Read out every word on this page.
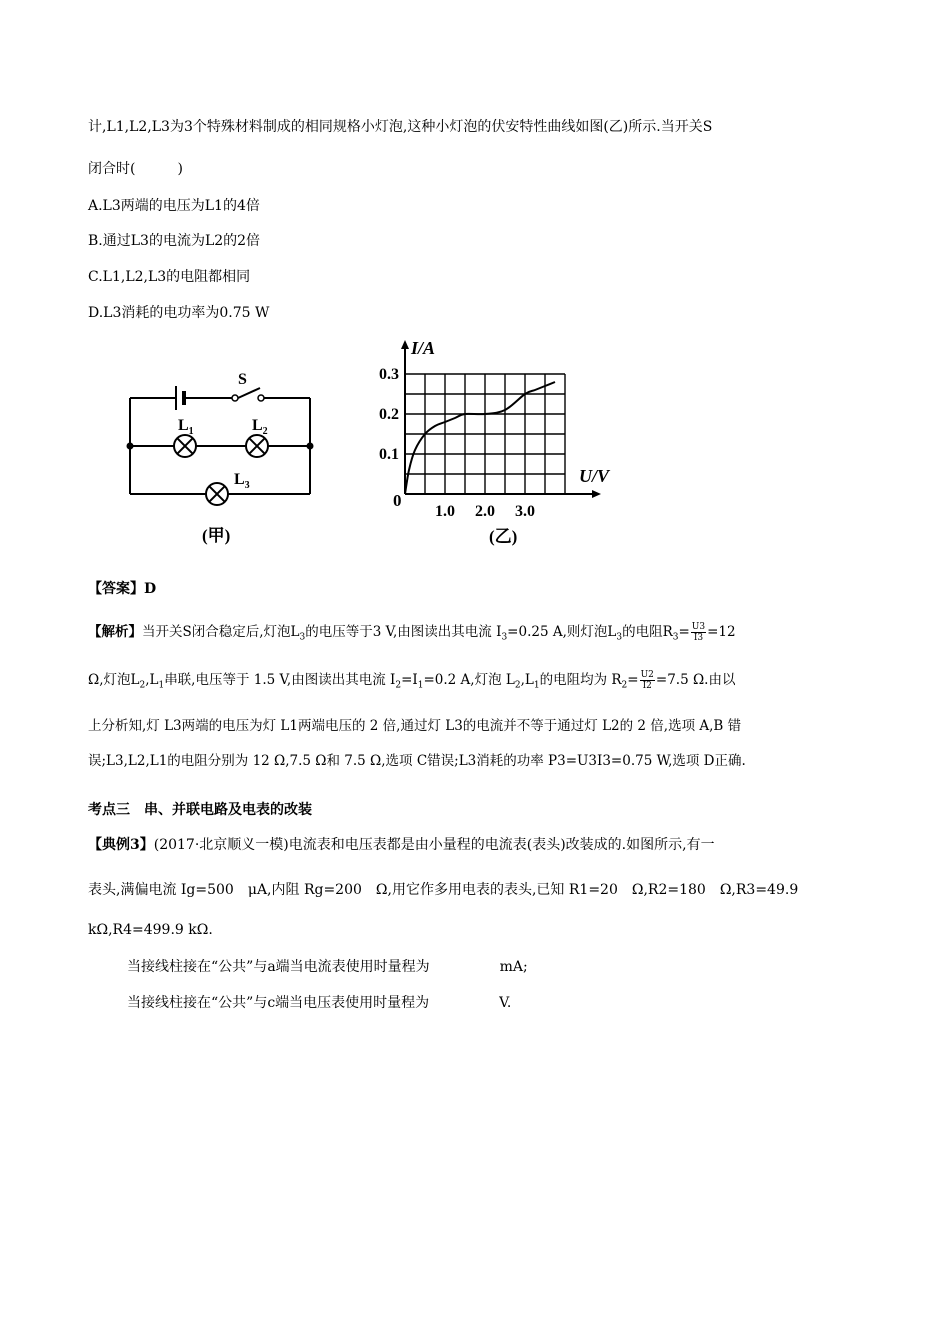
计,L1,L2,L3为3个特殊材料制成的相同规格小灯泡,这种小灯泡的伏安特性曲线如图(乙)所示.当开关S
闭合时(　　　)
A.L3两端的电压为L1的4倍
B.通过L3的电流为L2的2倍
C.L1,L2,L3的电阻都相同
D.L3消耗的电功率为0.75 W
S
$L_1$	$L_2$
$L_3$
(甲)
1.0 2.0 3.0
0.1
0.2
0.3
I/A
U/V
0
(乙)
【答案】D
【解析】当开关S闭合稳定后,灯泡$L_3$的电压等于3 V,由图读出其电流 $I_3=0.25$ A,则灯泡$L_3$的电阻$R_3= \frac{U3}{I3} =12$
Ω,灯泡$L_2,L_1$串联,电压等于 1.5 V,由图读出其电流 $I_2=I_1=0.2$ A,灯泡 $L_2,L_1$的电阻均为 $R_2= \frac{U2}{I2} =7.5$ Ω.由以
上分析知,灯 L3两端的电压为灯 L1两端电压的 2 倍,通过灯 L3的电流并不等于通过灯 L2的 2 倍,选项 A,B 错
误;L3,L2,L1的电阻分别为 12 Ω,7.5 Ω和 7.5 Ω,选项 C错误;L3消耗的功率 P3=U3I3=0.75 W,选项 D正确.
考点三　串、并联电路及电表的改装
【典例3】(2017·北京顺义一模)电流表和电压表都是由小量程的电流表(表头)改装成的.如图所示,有一
表头,满偏电流 Ig=500　μA,内阻 Rg=200　Ω,用它作多用电表的表头,已知 R1=20　Ω,R2=180　Ω,R3=49.9
kΩ,R4=499.9 kΩ.
当接线柱接在“公共”与a端当电流表使用时量程为　　　　　mA;
当接线柱接在“公共”与c端当电压表使用时量程为　　　　　V.
